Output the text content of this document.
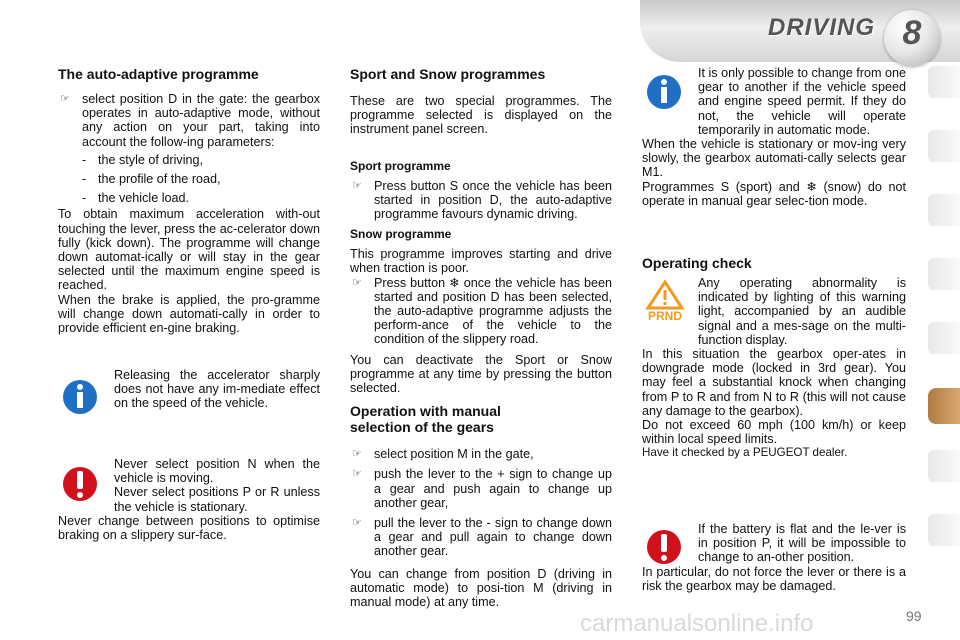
DRIVING 8

The auto-adaptive programme

☞ select position D in the gate: the gearbox operates in auto-adaptive mode, without any action on your part, taking into account the follow-ing parameters:

- the style of driving,

- the profile of the road,

- the vehicle load.

To obtain maximum acceleration with-out touching the lever, press the ac-celerator down fully (kick down). The programme will change down automat-ically or will stay in the gear selected until the maximum engine speed is reached.

When the brake is applied, the pro-gramme will change down automati-cally in order to provide efficient en-gine braking.

Releasing the accelerator sharply does not have any im-mediate effect on the speed of the vehicle.

Never select position N when the vehicle is moving.

Never select positions P or R unless the vehicle is stationary.

Never change between positions to optimise braking on a slippery sur-face.

Sport and Snow programmes

These are two special programmes. The programme selected is displayed on the instrument panel screen.

Sport programme

☞ Press button S once the vehicle has been started in position D, the auto-adaptive programme favours dynamic driving.

Snow programme

This programme improves starting and drive when traction is poor.

☞ Press button ❄ once the vehicle has been started and position D has been selected, the auto-adaptive programme adjusts the perform-ance of the vehicle to the condition of the slippery road.

You can deactivate the Sport or Snow programme at any time by pressing the button selected.

Operation with manual selection of the gears

☞ select position M in the gate,

☞ push the lever to the + sign to change up a gear and push again to change up another gear,

☞ pull the lever to the - sign to change down a gear and pull again to change down another gear.

You can change from position D (driving in automatic mode) to posi-tion M (driving in manual mode) at any time.

It is only possible to change from one gear to another if the vehicle speed and engine speed permit. If they do not, the vehicle will operate temporarily in automatic mode.

When the vehicle is stationary or mov-ing very slowly, the gearbox automati-cally selects gear M1.

Programmes S (sport) and ❄ (snow) do not operate in manual gear selec-tion mode.

Operating check

PRND

Any operating abnormality is indicated by lighting of this warning light, accompanied by an audible signal and a mes-sage on the multi-function display.

In this situation the gearbox oper-ates in downgrade mode (locked in 3rd gear). You may feel a substantial knock when changing from P to R and from N to R (this will not cause any damage to the gearbox).

Do not exceed 60 mph (100 km/h) or keep within local speed limits.

Have it checked by a PEUGEOT dealer.

If the battery is flat and the le-ver is in position P, it will be impossible to change to an-other position.

In particular, do not force the lever or there is a risk the gearbox may be damaged.

carmanualsonline.info	99
